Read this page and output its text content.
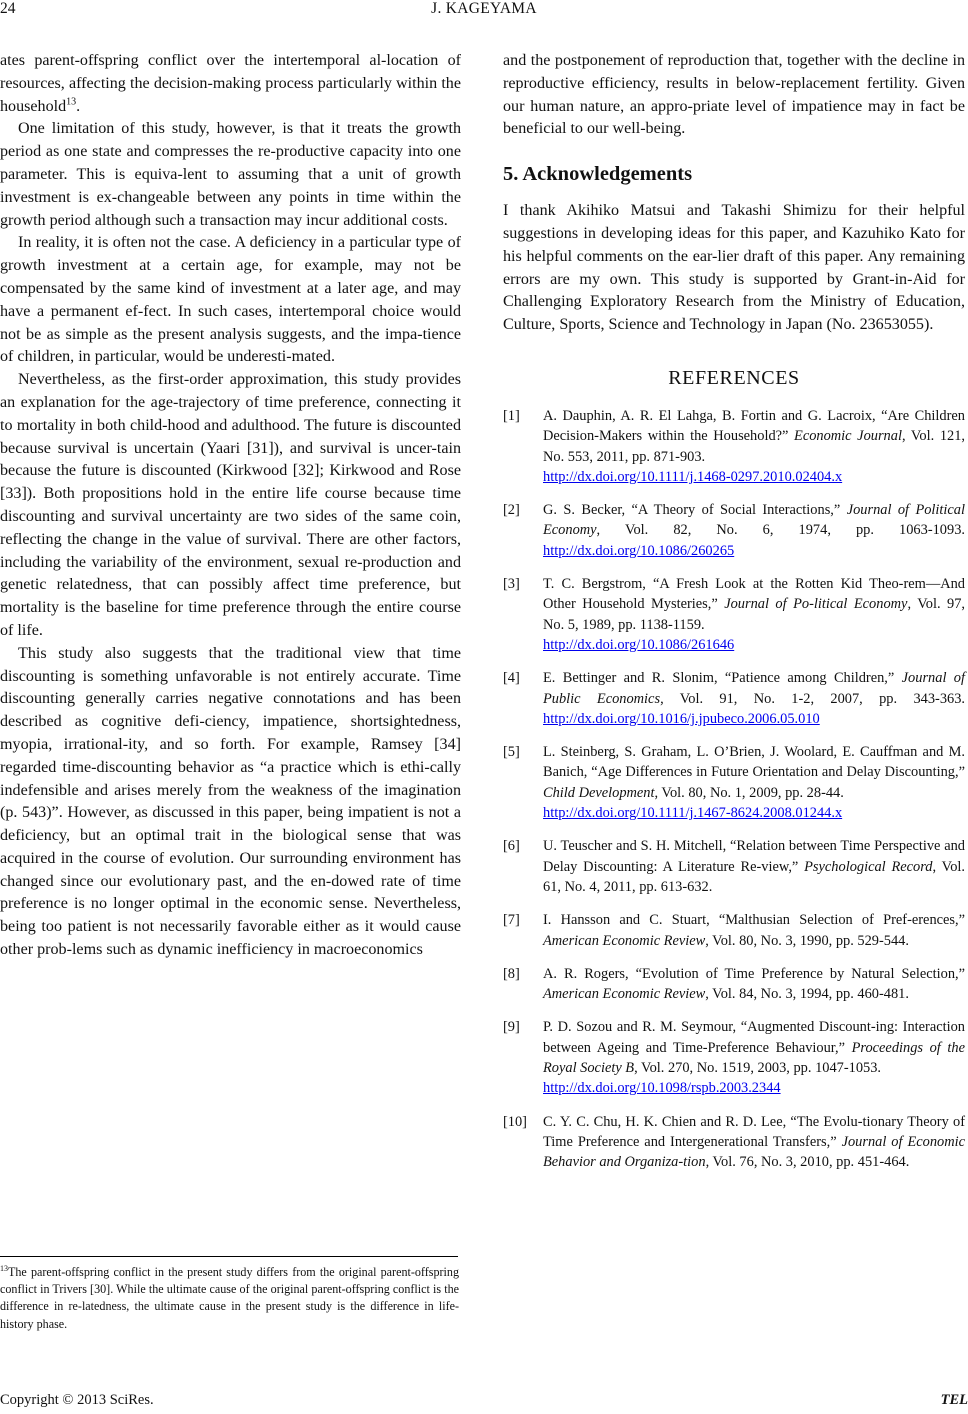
24	J. KAGEYAMA

ates parent-offspring conflict over the intertemporal al-location of resources, affecting the decision-making process particularly within the household$^{13}$.

One limitation of this study, however, is that it treats the growth period as one state and compresses the re-productive capacity into one parameter. This is equiva-lent to assuming that a unit of growth investment is ex-changeable between any points in time within the growth period although such a transaction may incur additional costs.

In reality, it is often not the case. A deficiency in a particular type of growth investment at a certain age, for example, may not be compensated by the same kind of investment at a later age, and may have a permanent ef-fect. In such cases, intertemporal choice would not be as simple as the present analysis suggests, and the impa-tience of children, in particular, would be underesti-mated.

Nevertheless, as the first-order approximation, this study provides an explanation for the age-trajectory of time preference, connecting it to mortality in both child-hood and adulthood. The future is discounted because survival is uncertain (Yaari [31]), and survival is uncer-tain because the future is discounted (Kirkwood [32]; Kirkwood and Rose [33]). Both propositions hold in the entire life course because time discounting and survival uncertainty are two sides of the same coin, reflecting the change in the value of survival. There are other factors, including the variability of the environment, sexual re-production and genetic relatedness, that can possibly affect time preference, but mortality is the baseline for time preference through the entire course of life.

This study also suggests that the traditional view that time discounting is something unfavorable is not entirely accurate. Time discounting generally carries negative connotations and has been described as cognitive defi-ciency, impatience, shortsightedness, myopia, irrational-ity, and so forth. For example, Ramsey [34] regarded time-discounting behavior as “a practice which is ethi-cally indefensible and arises merely from the weakness of the imagination (p. 543)”. However, as discussed in this paper, being impatient is not a deficiency, but an optimal trait in the biological sense that was acquired in the course of evolution. Our surrounding environment has changed since our evolutionary past, and the en-dowed rate of time preference is no longer optimal in the economic sense. Nevertheless, being too patient is not necessarily favorable either as it would cause other prob-lems such as dynamic inefficiency in macroeconomics

$^{13}$The parent-offspring conflict in the present study differs from the original parent-offspring conflict in Trivers [30]. While the ultimate cause of the original parent-offspring conflict is the difference in re-latedness, the ultimate cause in the present study is the difference in life-history phase.

and the postponement of reproduction that, together with the decline in reproductive efficiency, results in below-replacement fertility. Given our human nature, an appro-priate level of impatience may in fact be beneficial to our well-being.

5. Acknowledgements

I thank Akihiko Matsui and Takashi Shimizu for their helpful suggestions in developing ideas for this paper, and Kazuhiko Kato for his helpful comments on the ear-lier draft of this paper. Any remaining errors are my own. This study is supported by Grant-in-Aid for Challenging Exploratory Research from the Ministry of Education, Culture, Sports, Science and Technology in Japan (No. 23653055).

REFERENCES
[1] A. Dauphin, A. R. El Lahga, B. Fortin and G. Lacroix, “Are Children Decision-Makers within the Household?” Economic Journal, Vol. 121, No. 553, 2011, pp. 871-903.
http://dx.doi.org/10.1111/j.1468-0297.2010.02404.x
[2] G. S. Becker, “A Theory of Social Interactions,” Journal of Political Economy, Vol. 82, No. 6, 1974, pp. 1063-1093. http://dx.doi.org/10.1086/260265
[3] T. C. Bergstrom, “A Fresh Look at the Rotten Kid Theo-rem—And Other Household Mysteries,” Journal of Po-litical Economy, Vol. 97, No. 5, 1989, pp. 1138-1159.
http://dx.doi.org/10.1086/261646
[4] E. Bettinger and R. Slonim, “Patience among Children,” Journal of Public Economics, Vol. 91, No. 1-2, 2007, pp. 343-363. http://dx.doi.org/10.1016/j.jpubeco.2006.05.010
[5] L. Steinberg, S. Graham, L. O’Brien, J. Woolard, E. Cauffman and M. Banich, “Age Differences in Future Orientation and Delay Discounting,” Child Development, Vol. 80, No. 1, 2009, pp. 28-44.
http://dx.doi.org/10.1111/j.1467-8624.2008.01244.x
[6] U. Teuscher and S. H. Mitchell, “Relation between Time Perspective and Delay Discounting: A Literature Re-view,” Psychological Record, Vol. 61, No. 4, 2011, pp. 613-632.
[7] I. Hansson and C. Stuart, “Malthusian Selection of Pref-erences,” American Economic Review, Vol. 80, No. 3, 1990, pp. 529-544.
[8] A. R. Rogers, “Evolution of Time Preference by Natural Selection,” American Economic Review, Vol. 84, No. 3, 1994, pp. 460-481.
[9] P. D. Sozou and R. M. Seymour, “Augmented Discount-ing: Interaction between Ageing and Time-Preference Behaviour,” Proceedings of the Royal Society B, Vol. 270, No. 1519, 2003, pp. 1047-1053.
http://dx.doi.org/10.1098/rspb.2003.2344
[10] C. Y. C. Chu, H. K. Chien and R. D. Lee, “The Evolu-tionary Theory of Time Preference and Intergenerational Transfers,” Journal of Economic Behavior and Organiza-tion, Vol. 76, No. 3, 2010, pp. 451-464.
Copyright © 2013 SciRes.	TEL
